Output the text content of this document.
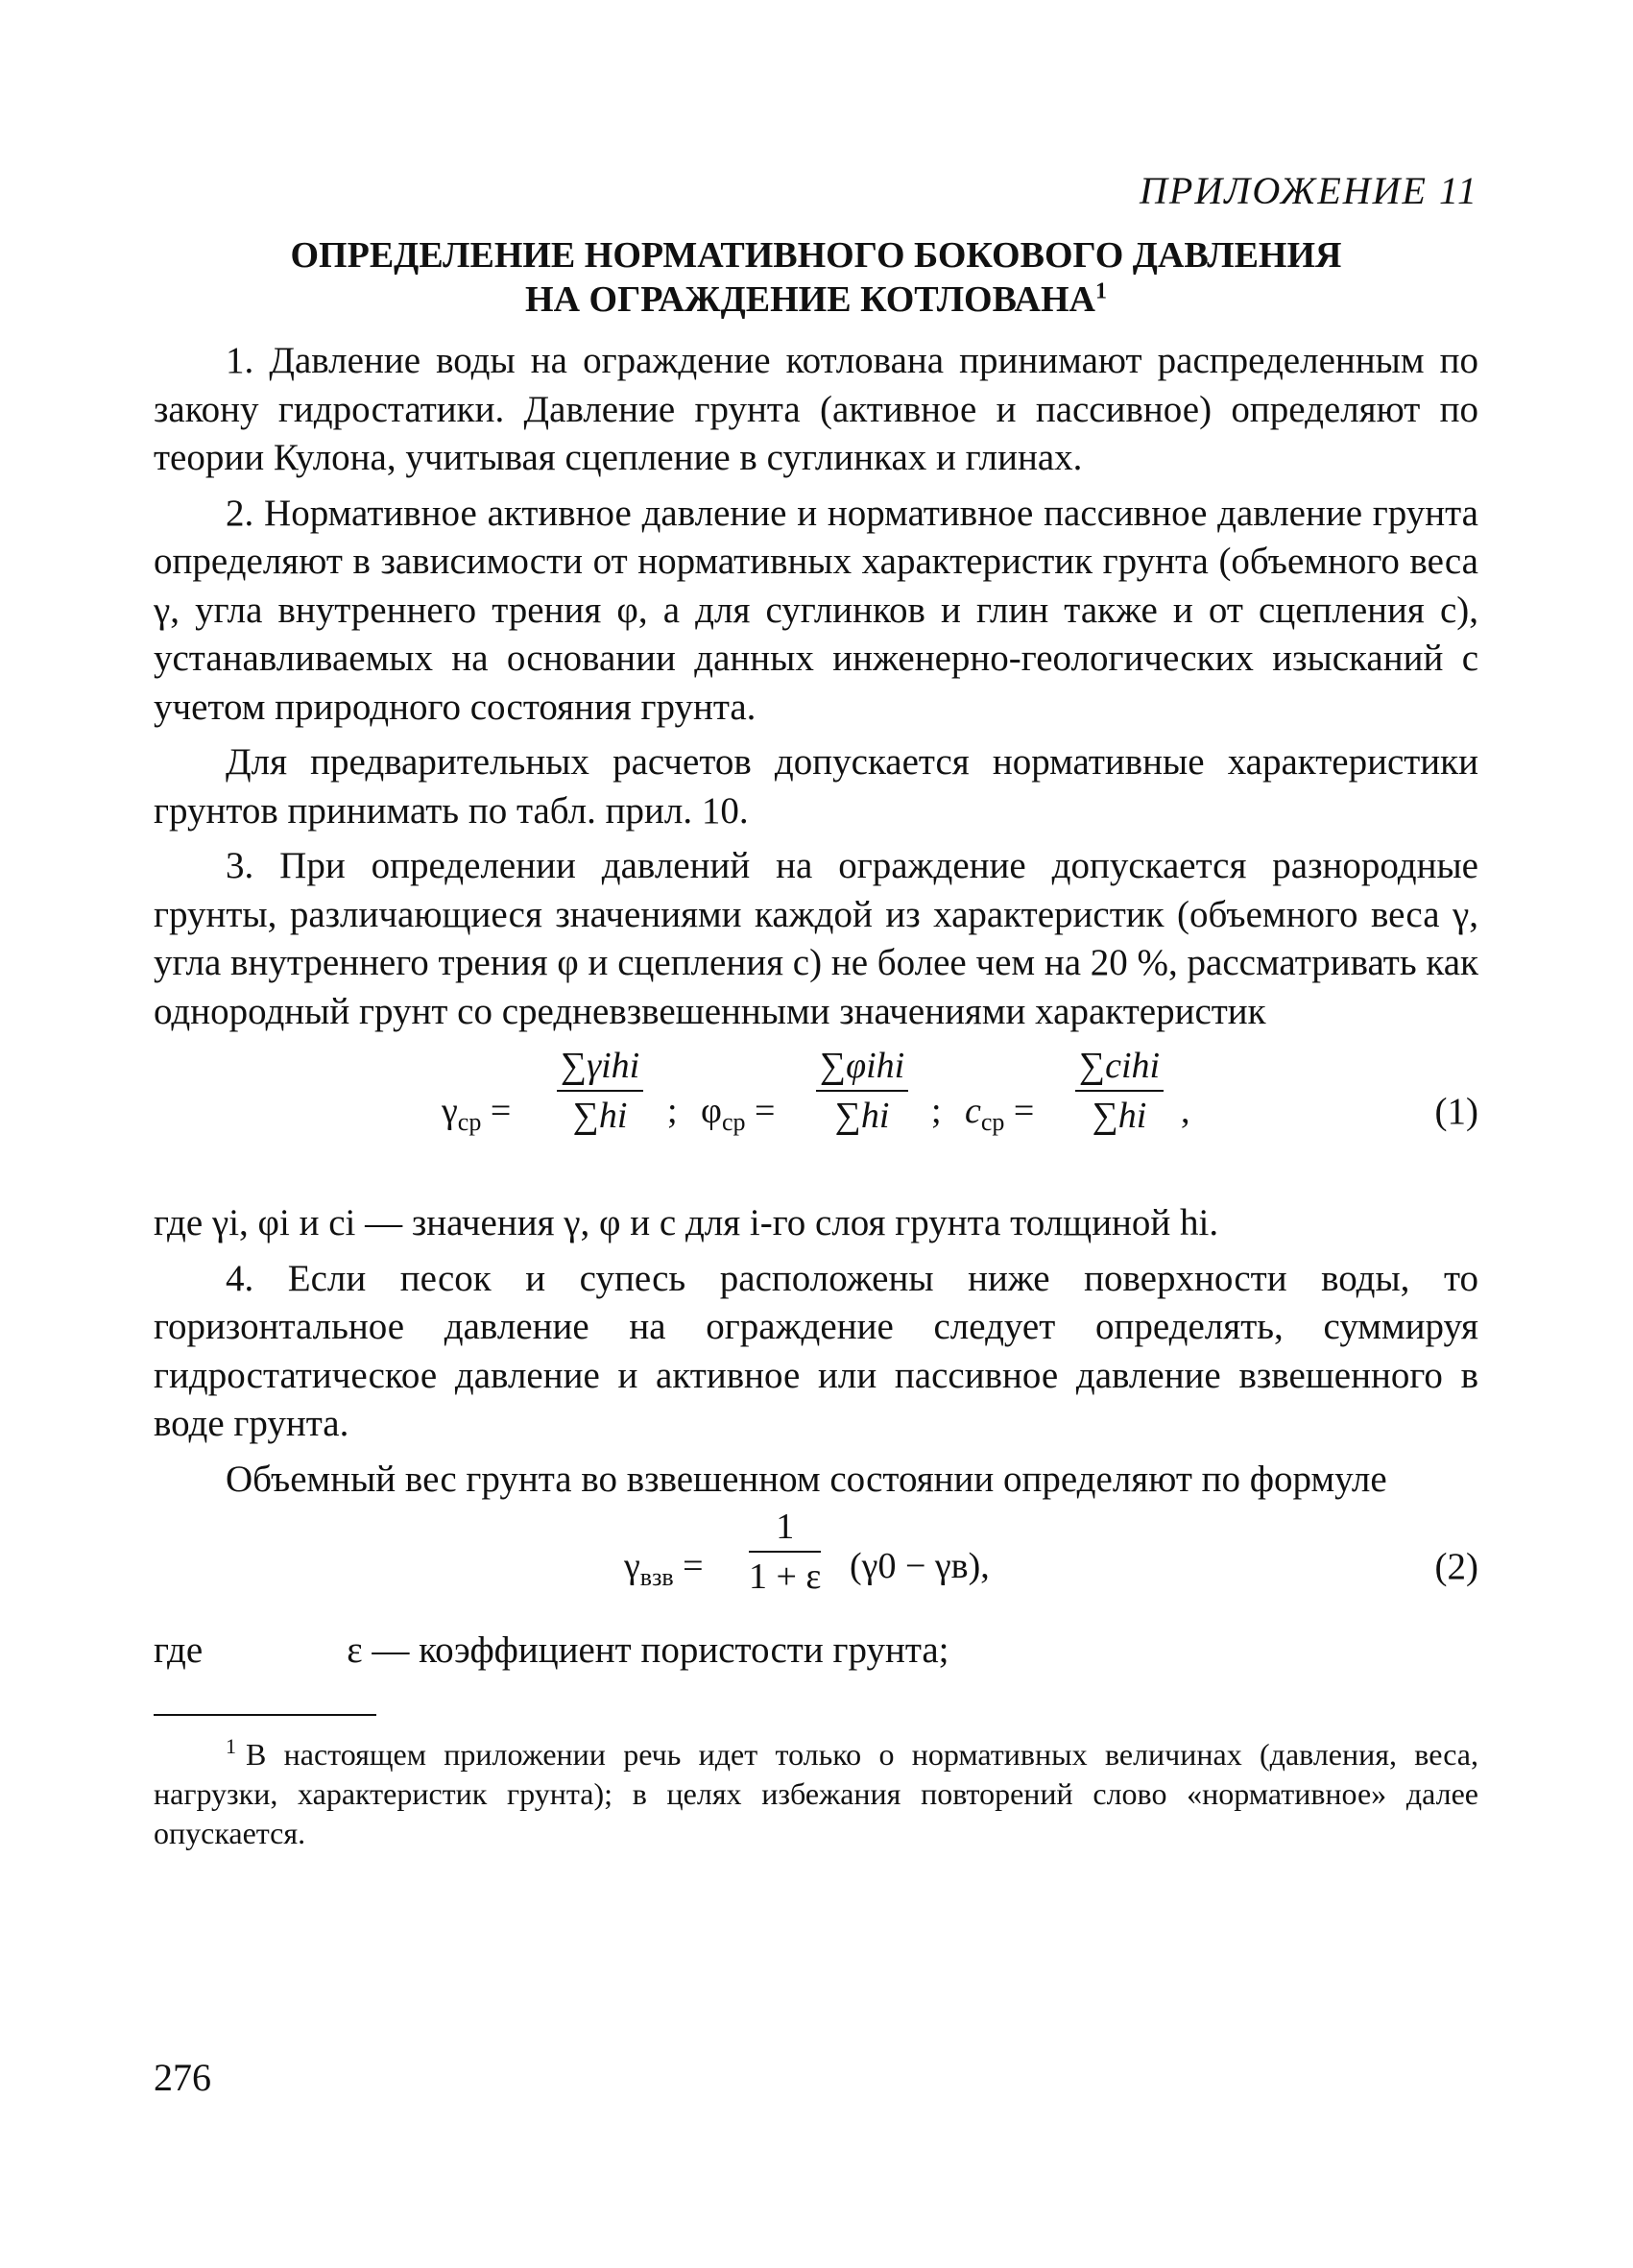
ПРИЛОЖЕНИЕ 11
ОПРЕДЕЛЕНИЕ НОРМАТИВНОГО БОКОВОГО ДАВЛЕНИЯ
НА ОГРАЖДЕНИЕ КОТЛОВАНА$^1$

1. Давление воды на ограждение котлована принимают распределенным по закону гидростатики. Давление грунта (активное и пассивное) определяют по теории Кулона, учитывая сцепление в суглинках и глинах.

2. Нормативное активное давление и нормативное пассивное давление грунта определяют в зависимости от нормативных характеристик грунта (объемного веса γ, угла внутреннего трения φ, а для суглинков и глин также и от сцепления c), устанавливаемых на основании данных инженерно-геологических изысканий с учетом природного состояния грунта.

Для предварительных расчетов допускается нормативные характеристики грунтов принимать по табл. прил. 10.

3. При определении давлений на ограждение допускается разнородные грунты, различающиеся значениями каждой из характеристик (объемного веса γ, угла внутреннего трения φ и сцепления c) не более чем на 20 %, рассматривать как однородный грунт со средневзвешенными значениями характеристик

$\gamma_{ср}$ =
∑γihi
∑hi	; $\varphi_{ср}$ =
∑φihi
∑hi	; $c_{ср}$ =
∑cihi
∑hi ,	(1)

где γi, φi и ci — значения γ, φ и c для i-го слоя грунта толщиной hi.

4. Если песок и супесь расположены ниже поверхности воды, то горизонтальное давление на ограждение следует определять, суммируя гидростатическое давление и активное или пассивное давление взвешенного в воде грунта.

Объемный вес грунта во взвешенном состоянии определяют по формуле

$\gamma_{взв} = \frac{1}{1 + \varepsilon} (\gamma 0 - \gamma в)$,	(2)

где	ε — коэффициент пористости грунта;

$^1$ В настоящем приложении речь идет только о нормативных величинах (давления, веса, нагрузки, характеристик грунта); в целях избежания повторений слово «нормативное» далее опускается.

276
